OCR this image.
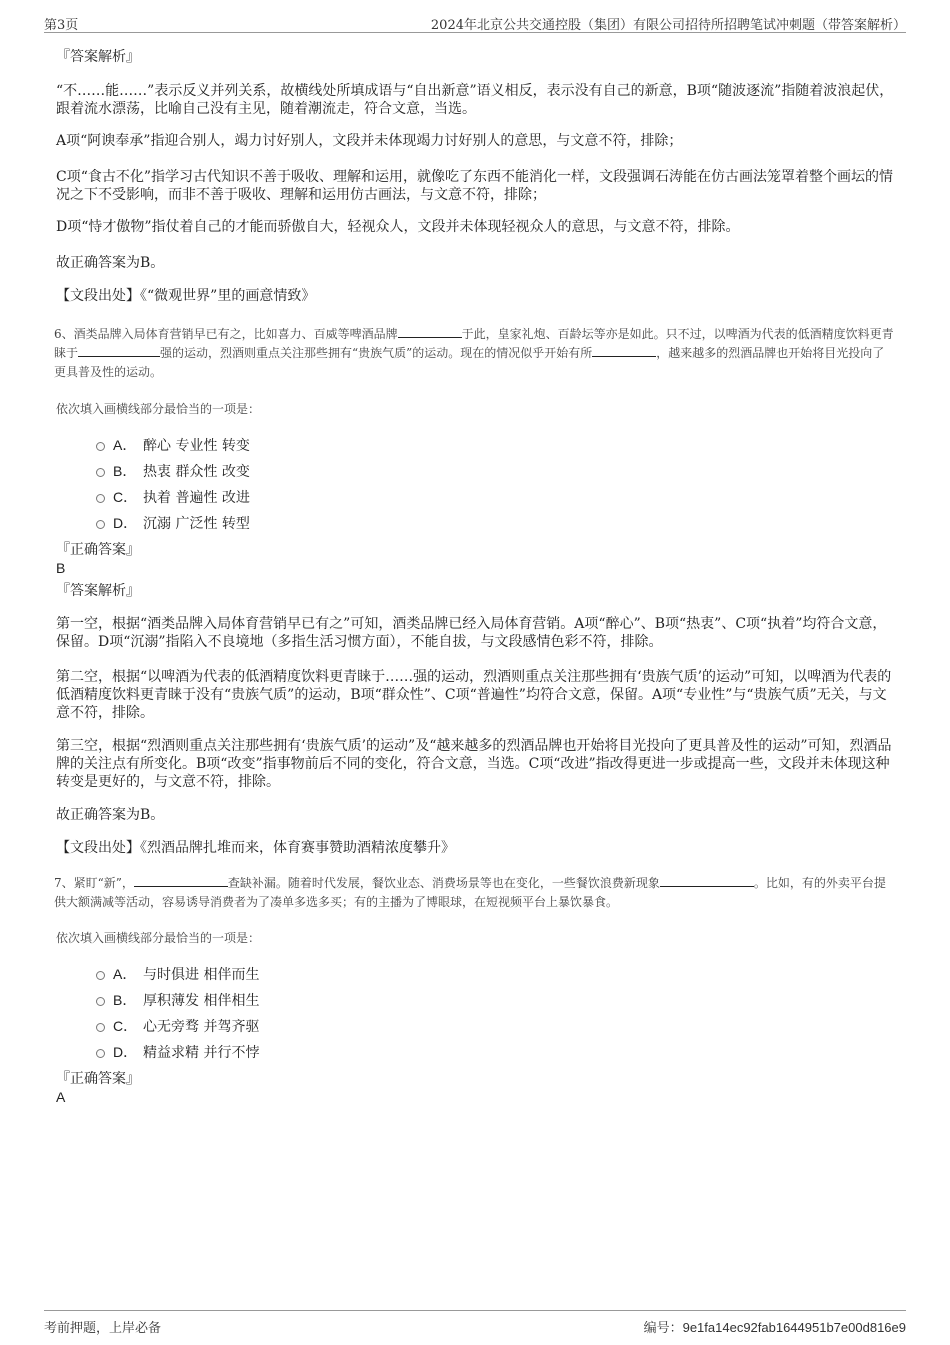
第3页	2024年北京公共交通控股（集团）有限公司招待所招聘笔试冲刺题（带答案解析）
『答案解析』
“不……能……”表示反义并列关系，故横线处所填成语与“自出新意”语义相反，表示没有自己的新意，B项“随波逐流”指随着波浪起伏，跟着流水漂荡，比喻自己没有主见，随着潮流走，符合文意，当选。
A项“阿谀奉承”指迎合别人，竭力讨好别人，文段并未体现竭力讨好别人的意思，与文意不符，排除；
C项“食古不化”指学习古代知识不善于吸收、理解和运用，就像吃了东西不能消化一样，文段强调石涛能在仿古画法笼罩着整个画坛的情况之下不受影响，而非不善于吸收、理解和运用仿古画法，与文意不符，排除；
D项“恃才傲物”指仗着自己的才能而骄傲自大，轻视众人，文段并未体现轻视众人的意思，与文意不符，排除。
故正确答案为B。
【文段出处】《“微观世界”里的画意情致》
6、酒类品牌入局体育营销早已有之，比如喜力、百威等啤酒品牌	于此，皇家礼炮、百龄坛等亦是如此。只不过，以啤酒为代表的低酒精度饮料更青睐于	强的运动，烈酒则重点关注那些拥有“贵族气质”的运动。现在的情况似乎开始有所	，越来越多的烈酒品牌也开始将目光投向了更具普及性的运动。
依次填入画横线部分最恰当的一项是：
A． 醉心 专业性 转变
B． 热衷 群众性 改变
C． 执着 普遍性 改进
D． 沉溺 广泛性 转型
『正确答案』
B
『答案解析』
第一空，根据“酒类品牌入局体育营销早已有之”可知，酒类品牌已经入局体育营销。A项“醉心”、B项“热衷”、C项“执着”均符合文意，保留。D项“沉溺”指陷入不良境地（多指生活习惯方面），不能自拔，与文段感情色彩不符，排除。
第二空，根据“以啤酒为代表的低酒精度饮料更青睐于……强的运动，烈酒则重点关注那些拥有‘贵族气质’的运动”可知，以啤酒为代表的低酒精度饮料更青睐于没有“贵族气质”的运动，B项“群众性”、C项“普遍性”均符合文意，保留。A项“专业性”与“贵族气质”无关，与文意不符，排除。
第三空，根据“烈酒则重点关注那些拥有‘贵族气质’的运动”及“越来越多的烈酒品牌也开始将目光投向了更具普及性的运动”可知，烈酒品牌的关注点有所变化。B项“改变”指事物前后不同的变化，符合文意，当选。C项“改进”指改得更进一步或提高一些，文段并未体现这种转变是更好的，与文意不符，排除。
故正确答案为B。
【文段出处】《烈酒品牌扎堆而来，体育赛事赞助酒精浓度攀升》
7、紧盯“新”，	查缺补漏。随着时代发展，餐饮业态、消费场景等也在变化，一些餐饮浪费新现象	。比如，有的外卖平台提供大额满减等活动，容易诱导消费者为了凑单多选多买；有的主播为了博眼球，在短视频平台上暴饮暴食。
依次填入画横线部分最恰当的一项是：
A． 与时俱进 相伴而生
B． 厚积薄发 相伴相生
C． 心无旁骛 并驾齐驱
D． 精益求精 并行不悖
『正确答案』
A
考前押题，上岸必备	编号：9e1fa14ec92fab1644951b7e00d816e9
